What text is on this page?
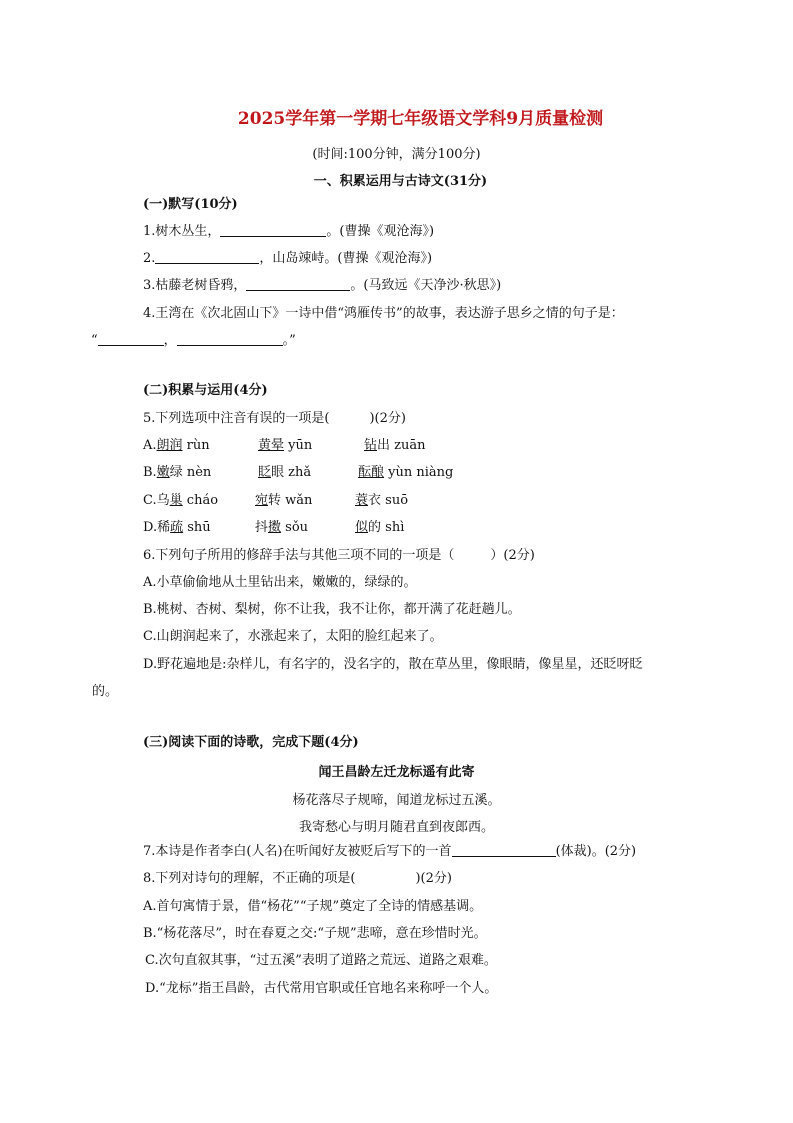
2025学年第一学期七年级语文学科9月质量检测
(时间:100分钟，满分100分)
一、积累运用与古诗文(31分)
(一)默写(10分)
1.树木丛生，	。(曹操《观沧海》)
2.	，山岛竦峙。(曹操《观沧海》)
3.枯藤老树昏鸦，	。(马致远《天净沙·秋思》)
4.王湾在《次北固山下》一诗中借“鸿雁传书”的故事，表达游子思乡之情的句子是：
“	，	。”
(二)积累与运用(4分)
5.下列选项中注音有误的一项是(	)(2分)
A.朗润 rùn	黄晕 yūn	钻出 zuān
B.嫩绿 nèn	眨眼 zhǎ	酝酿 yùn niàng
C.乌巢 cháo	宛转 wǎn	蓑衣 suō
D.稀疏 shū	抖擞 sǒu	似的 shì
6.下列句子所用的修辞手法与其他三项不同的一项是（	）(2分)
A.小草偷偷地从土里钻出来，嫩嫩的，绿绿的。
B.桃树、杏树、梨树，你不让我，我不让你，都开满了花赶趟儿。
C.山朗润起来了，水涨起来了，太阳的脸红起来了。
D.野花遍地是:杂样儿，有名字的，没名字的，散在草丛里，像眼睛，像星星，还眨呀眨
的。
(三)阅读下面的诗歌，完成下题(4分)
闻王昌龄左迁龙标遥有此寄
杨花落尽子规啼，闻道龙标过五溪。
我寄愁心与明月随君直到夜郎西。
7.本诗是作者李白(人名)在听闻好友被贬后写下的一首	(体裁)。(2分)
8.下列对诗句的理解，不正确的项是(	)(2分)
A.首句寓情于景，借“杨花”“子规”奠定了全诗的情感基调。
B.“杨花落尽”，时在春夏之交:“子规”悲啼，意在珍惜时光。
C.次句直叙其事，“过五溪”表明了道路之荒远、道路之艰难。
D.“龙标”指王昌龄，古代常用官职或任官地名来称呼一个人。
